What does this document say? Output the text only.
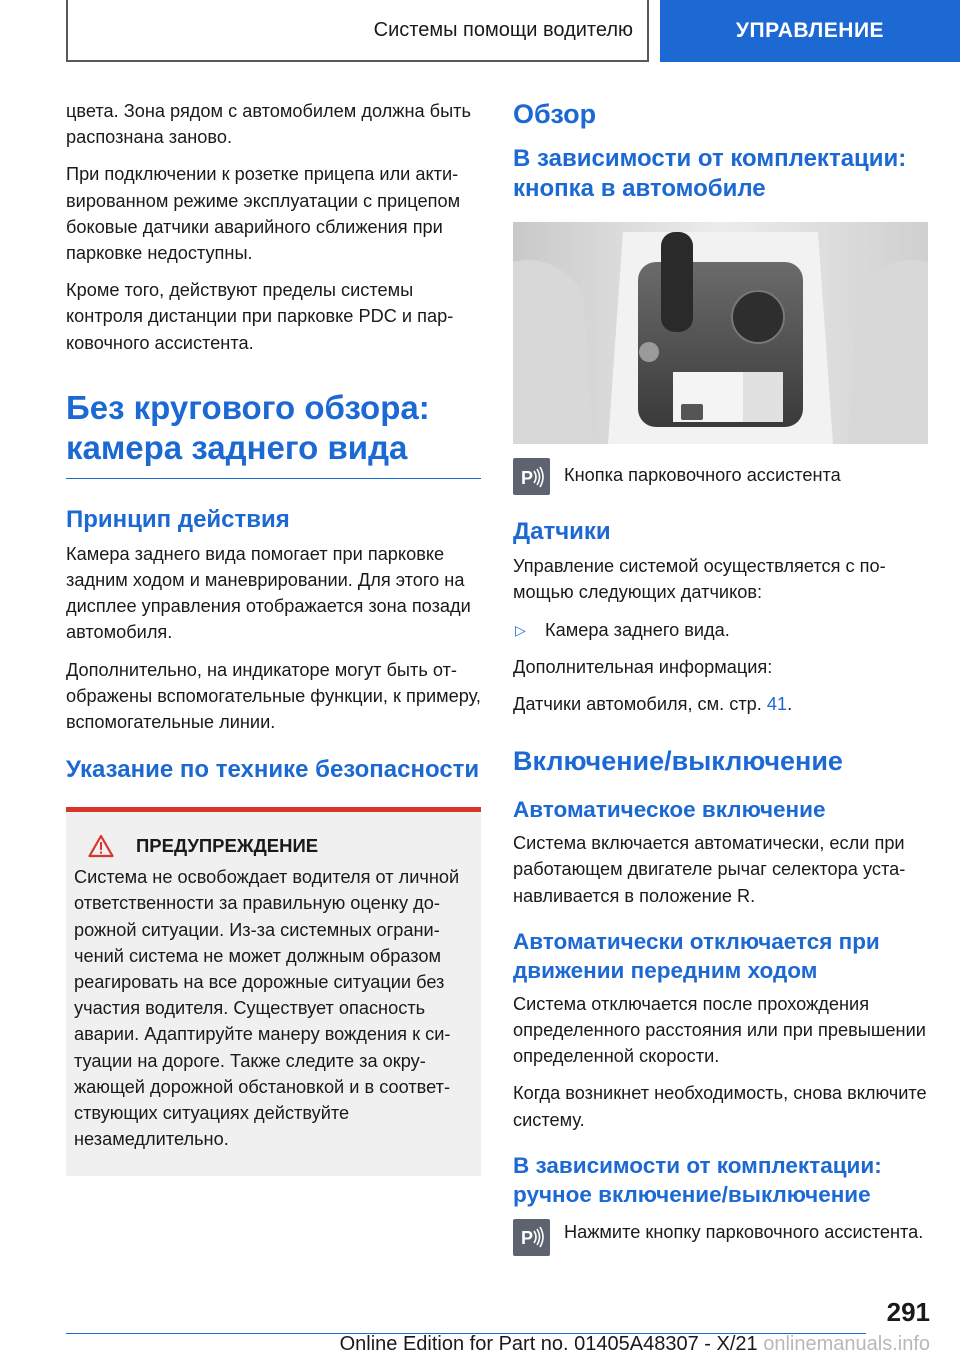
Системы помощи водителю	УПРАВЛЕНИЕ

цвета. Зона рядом с автомобилем должна быть распознана заново.

При подключении к розетке прицепа или активированном режиме эксплуатации с прицепом боковые датчики аварийного сближения при парковке недоступны.

Кроме того, действуют пределы системы контроля дистанции при парковке PDC и парковочного ассистента.

Без кругового обзора: камера заднего вида
Принцип действия

Камера заднего вида помогает при парковке задним ходом и маневрировании. Для этого на дисплее управления отображается зона позади автомобиля.

Дополнительно, на индикаторе могут быть отображены вспомогательные функции, к примеру, вспомогательные линии.

Указание по технике безопасности
ПРЕДУПРЕЖДЕНИЕ

Система не освобождает водителя от личной ответственности за правильную оценку дорожной ситуации. Из-за системных ограничений система не может должным образом реагировать на все дорожные ситуации без участия водителя. Существует опасность аварии. Адаптируйте манеру вождения к ситуации на дороге. Также следите за окружающей дорожной обстановкой и в соответствующих ситуациях действуйте незамедлительно.

Обзор
В зависимости от комплектации: кнопка в автомобиле
P Кнопка парковочного ассистента

Датчики

Управление системой осуществляется с помощью следующих датчиков:

▷	Камера заднего вида.

Дополнительная информация:

Датчики автомобиля, см. стр. 41.

Включение/выключение
Автоматическое включение

Система включается автоматически, если при работающем двигателе рычаг селектора устанавливается в положение R.

Автоматически отключается при движении передним ходом

Система отключается после прохождения определенного расстояния или при превышении определенной скорости.

Когда возникнет необходимость, снова включите систему.

В зависимости от комплектации: ручное включение/выключение
P Нажмите кнопку парковочного ассистента.

291
Online Edition for Part no. 01405A48307 - X/21 onlinemanuals.info
